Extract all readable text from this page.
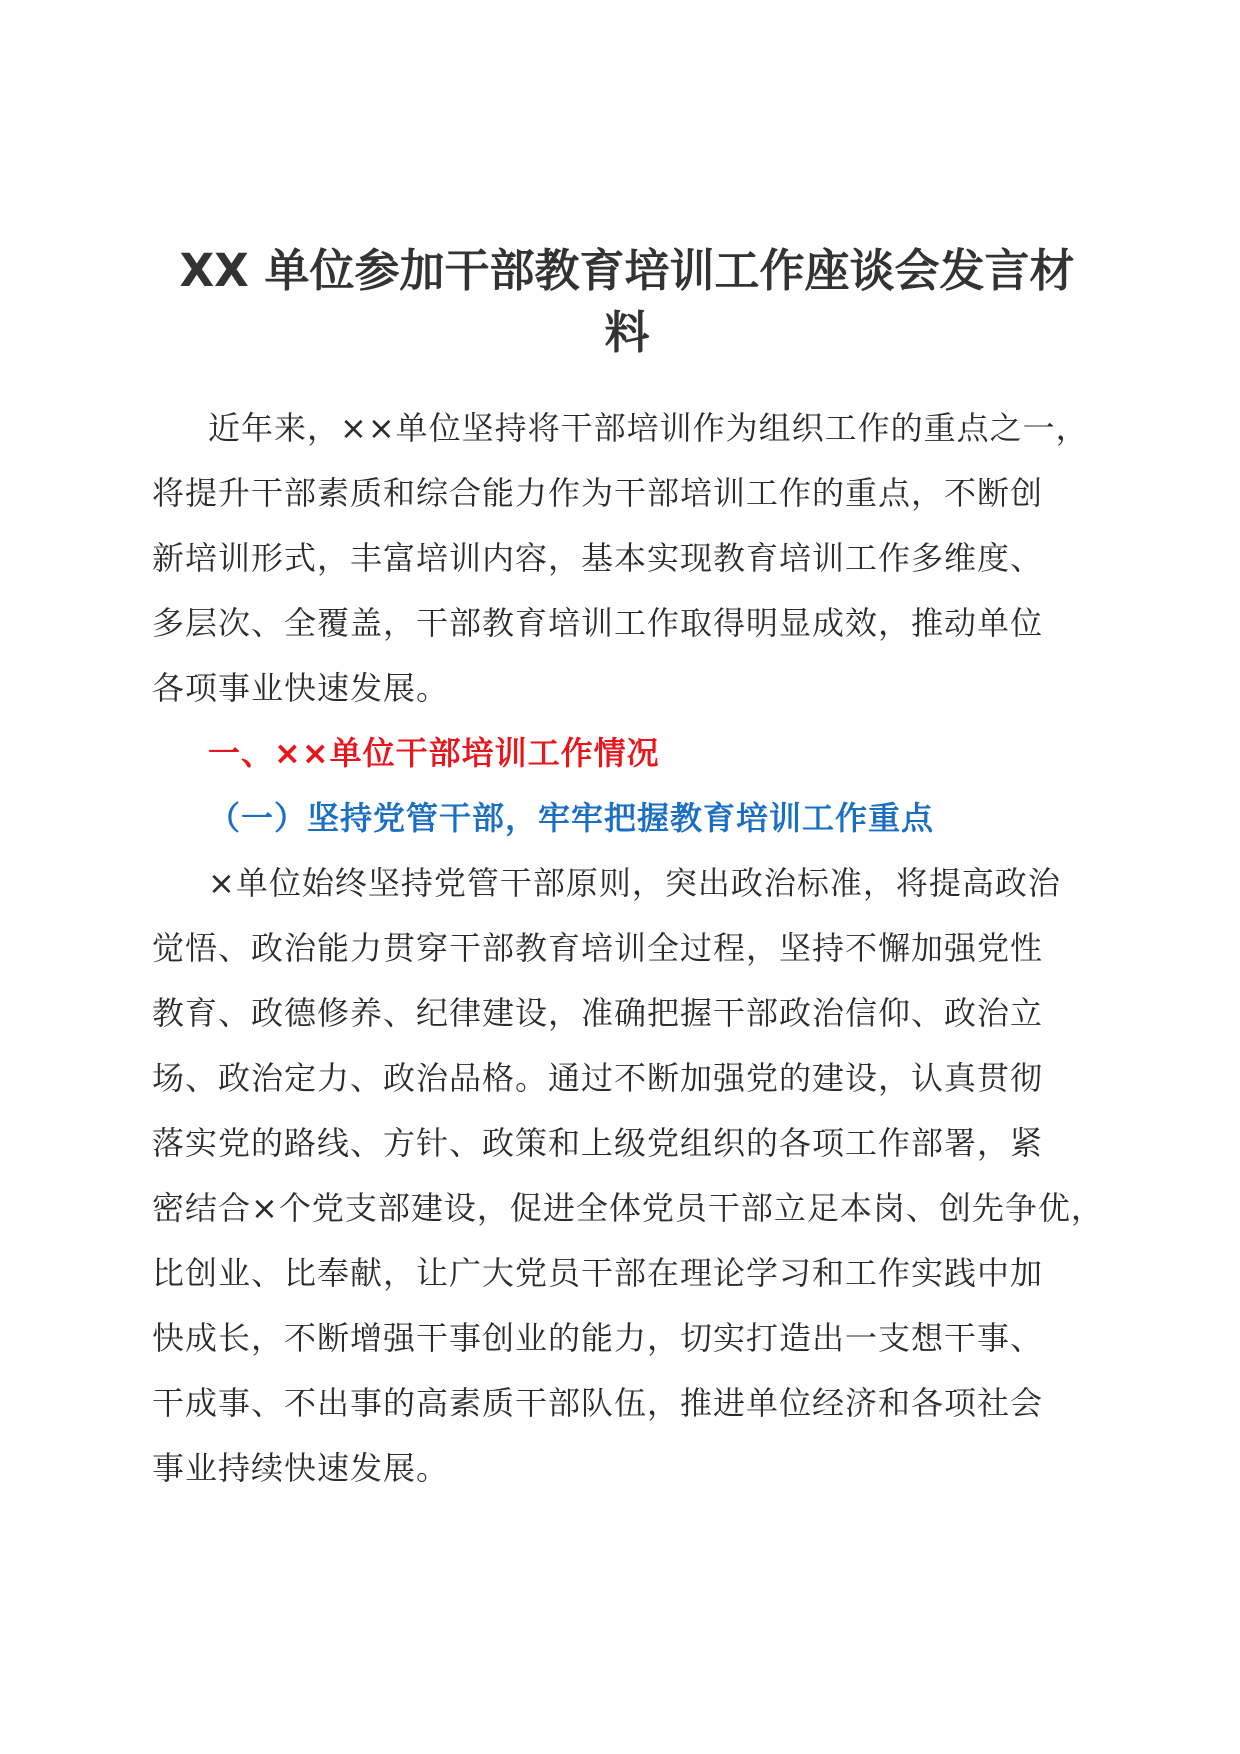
XX 单位参加干部教育培训工作座谈会发言材
料

近年来，××单位坚持将干部培训作为组织工作的重点之一，
将提升干部素质和综合能力作为干部培训工作的重点，不断创
新培训形式，丰富培训内容，基本实现教育培训工作多维度、
多层次、全覆盖，干部教育培训工作取得明显成效，推动单位
各项事业快速发展。

一、××单位干部培训工作情况
（一）坚持党管干部，牢牢把握教育培训工作重点

×单位始终坚持党管干部原则，突出政治标准，将提高政治
觉悟、政治能力贯穿干部教育培训全过程，坚持不懈加强党性
教育、政德修养、纪律建设，准确把握干部政治信仰、政治立
场、政治定力、政治品格。通过不断加强党的建设，认真贯彻
落实党的路线、方针、政策和上级党组织的各项工作部署，紧
密结合×个党支部建设，促进全体党员干部立足本岗、创先争优，
比创业、比奉献，让广大党员干部在理论学习和工作实践中加
快成长，不断增强干事创业的能力，切实打造出一支想干事、
干成事、不出事的高素质干部队伍，推进单位经济和各项社会
事业持续快速发展。
